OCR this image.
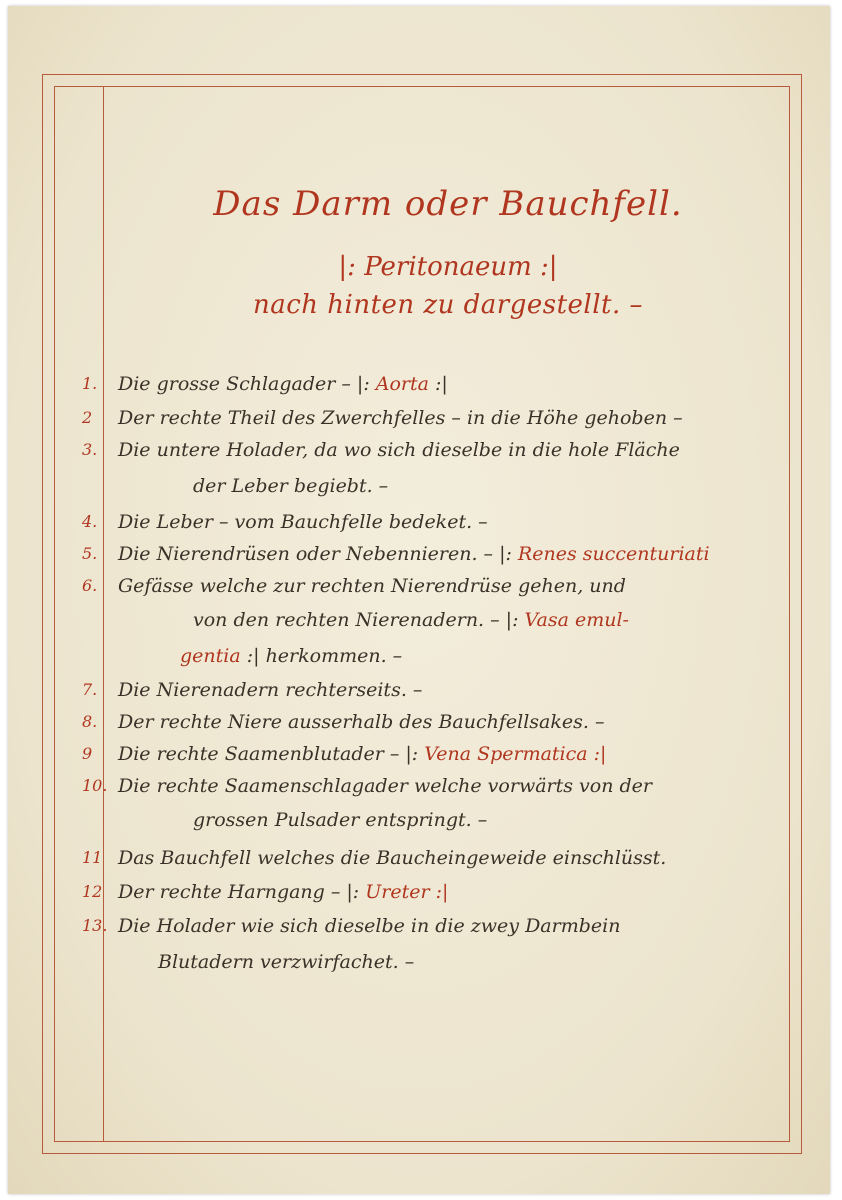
Das Darm oder Bauchfell.

|: Peritonaeum :|

nach hinten zu dargestellt. –

1.	Die grosse Schlagader – |: Aorta :|
2	Der rechte Theil des Zwerchfelles – in die Höhe gehoben –
3.	Die untere Holader, da wo sich dieselbe in die hole Fläche
der Leber begiebt. –
4.	Die Leber – vom Bauchfelle bedeket. –
5.	Die Nierendrüsen oder Nebennieren. – |: Renes succenturiati
6.	Gefässe welche zur rechten Nierendrüse gehen, und
von den rechten Nierenadern. – |: Vasa emul-
gentia :| herkommen. –
7.	Die Nierenadern rechterseits. –
8.	Der rechte Niere ausserhalb des Bauchfellsakes. –
9	Die rechte Saamenblutader – |: Vena Spermatica :|
10. Die rechte Saamenschlagader welche vorwärts von der
grossen Pulsader entspringt. –
11 Das Bauchfell welches die Baucheingeweide einschlüsst.
12 Der rechte Harngang – |: Ureter :|
13. Die Holader wie sich dieselbe in die zwey Darmbein
Blutadern verzwirfachet. –
